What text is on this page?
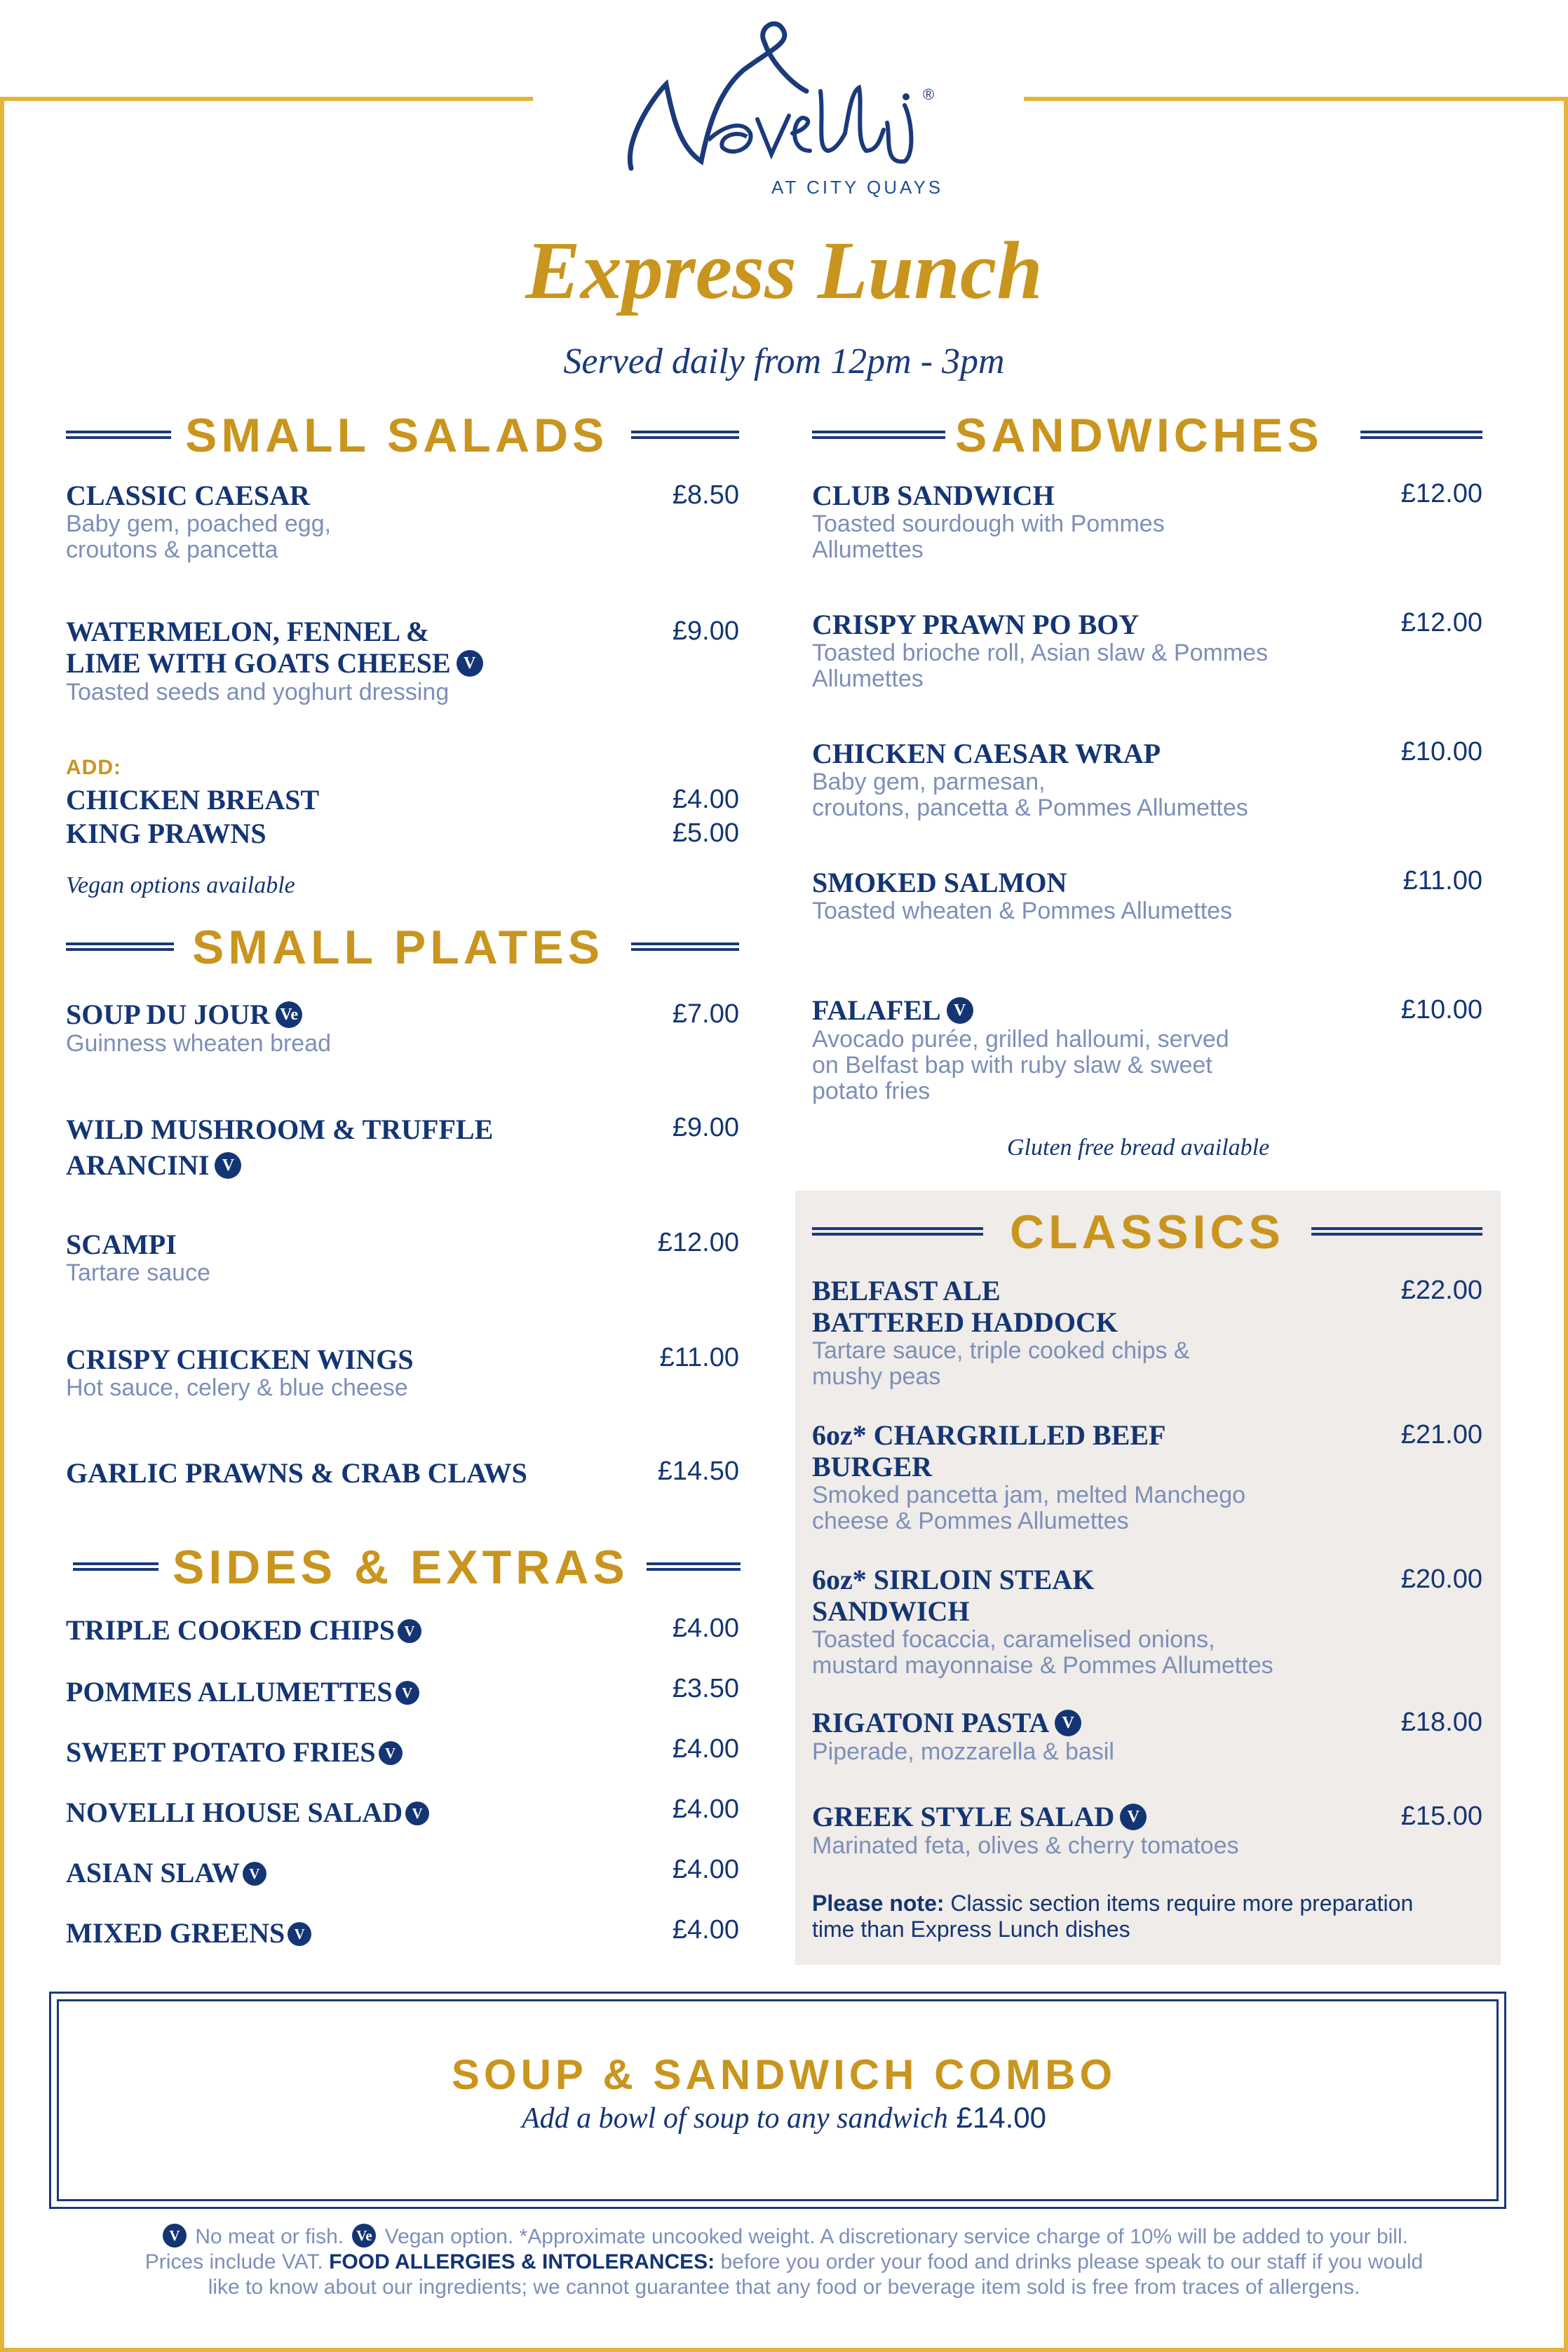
®
AT CITY QUAYS
Express Lunch
Served daily from 12pm - 3pm
SMALL SALADS
CLASSIC CAESAR
Baby gem, poached egg,
croutons & pancetta
£8.50
WATERMELON, FENNEL &
LIME WITH GOATS CHEESE V
Toasted seeds and yoghurt dressing
£9.00
ADD:
CHICKEN BREAST	£4.00
KING PRAWNS	£5.00
Vegan options available
SMALL PLATES
SOUP DU JOUR Ve
Guinness wheaten bread
£7.00
WILD MUSHROOM & TRUFFLE
ARANCINI V
£9.00
SCAMPI
Tartare sauce
£12.00
CRISPY CHICKEN WINGS
Hot sauce, celery & blue cheese
£11.00
GARLIC PRAWNS & CRAB CLAWS	£14.50
SIDES & EXTRAS
TRIPLE COOKED CHIPS V	£4.00
POMMES ALLUMETTES V	£3.50
SWEET POTATO FRIES V	£4.00
NOVELLI HOUSE SALAD V	£4.00
ASIAN SLAW V	£4.00
MIXED GREENS V	£4.00
SANDWICHES
CLUB SANDWICH
Toasted sourdough with Pommes
Allumettes
£12.00
CRISPY PRAWN PO BOY
Toasted brioche roll, Asian slaw & Pommes
Allumettes
£12.00
CHICKEN CAESAR WRAP
Baby gem, parmesan,
croutons, pancetta & Pommes Allumettes
£10.00
SMOKED SALMON
Toasted wheaten & Pommes Allumettes
£11.00
FALAFEL V
Avocado purée, grilled halloumi, served
on Belfast bap with ruby slaw & sweet
potato fries
£10.00
Gluten free bread available
CLASSICS
BELFAST ALE
BATTERED HADDOCK
Tartare sauce, triple cooked chips &
mushy peas
£22.00
6oz* CHARGRILLED BEEF
BURGER
Smoked pancetta jam, melted Manchego
cheese & Pommes Allumettes
£21.00
6oz* SIRLOIN STEAK
SANDWICH
Toasted focaccia, caramelised onions,
mustard mayonnaise & Pommes Allumettes
£20.00
RIGATONI PASTA V
Piperade, mozzarella & basil
£18.00
GREEK STYLE SALAD V
Marinated feta, olives & cherry tomatoes
£15.00
Please note: Classic section items require more preparation time than Express Lunch dishes
SOUP & SANDWICH COMBO
Add a bowl of soup to any sandwich £14.00
V No meat or fish. Ve Vegan option. *Approximate uncooked weight. A discretionary service charge of 10% will be added to your bill.
Prices include VAT. FOOD ALLERGIES & INTOLERANCES: before you order your food and drinks please speak to our staff if you would
like to know about our ingredients; we cannot guarantee that any food or beverage item sold is free from traces of allergens.
